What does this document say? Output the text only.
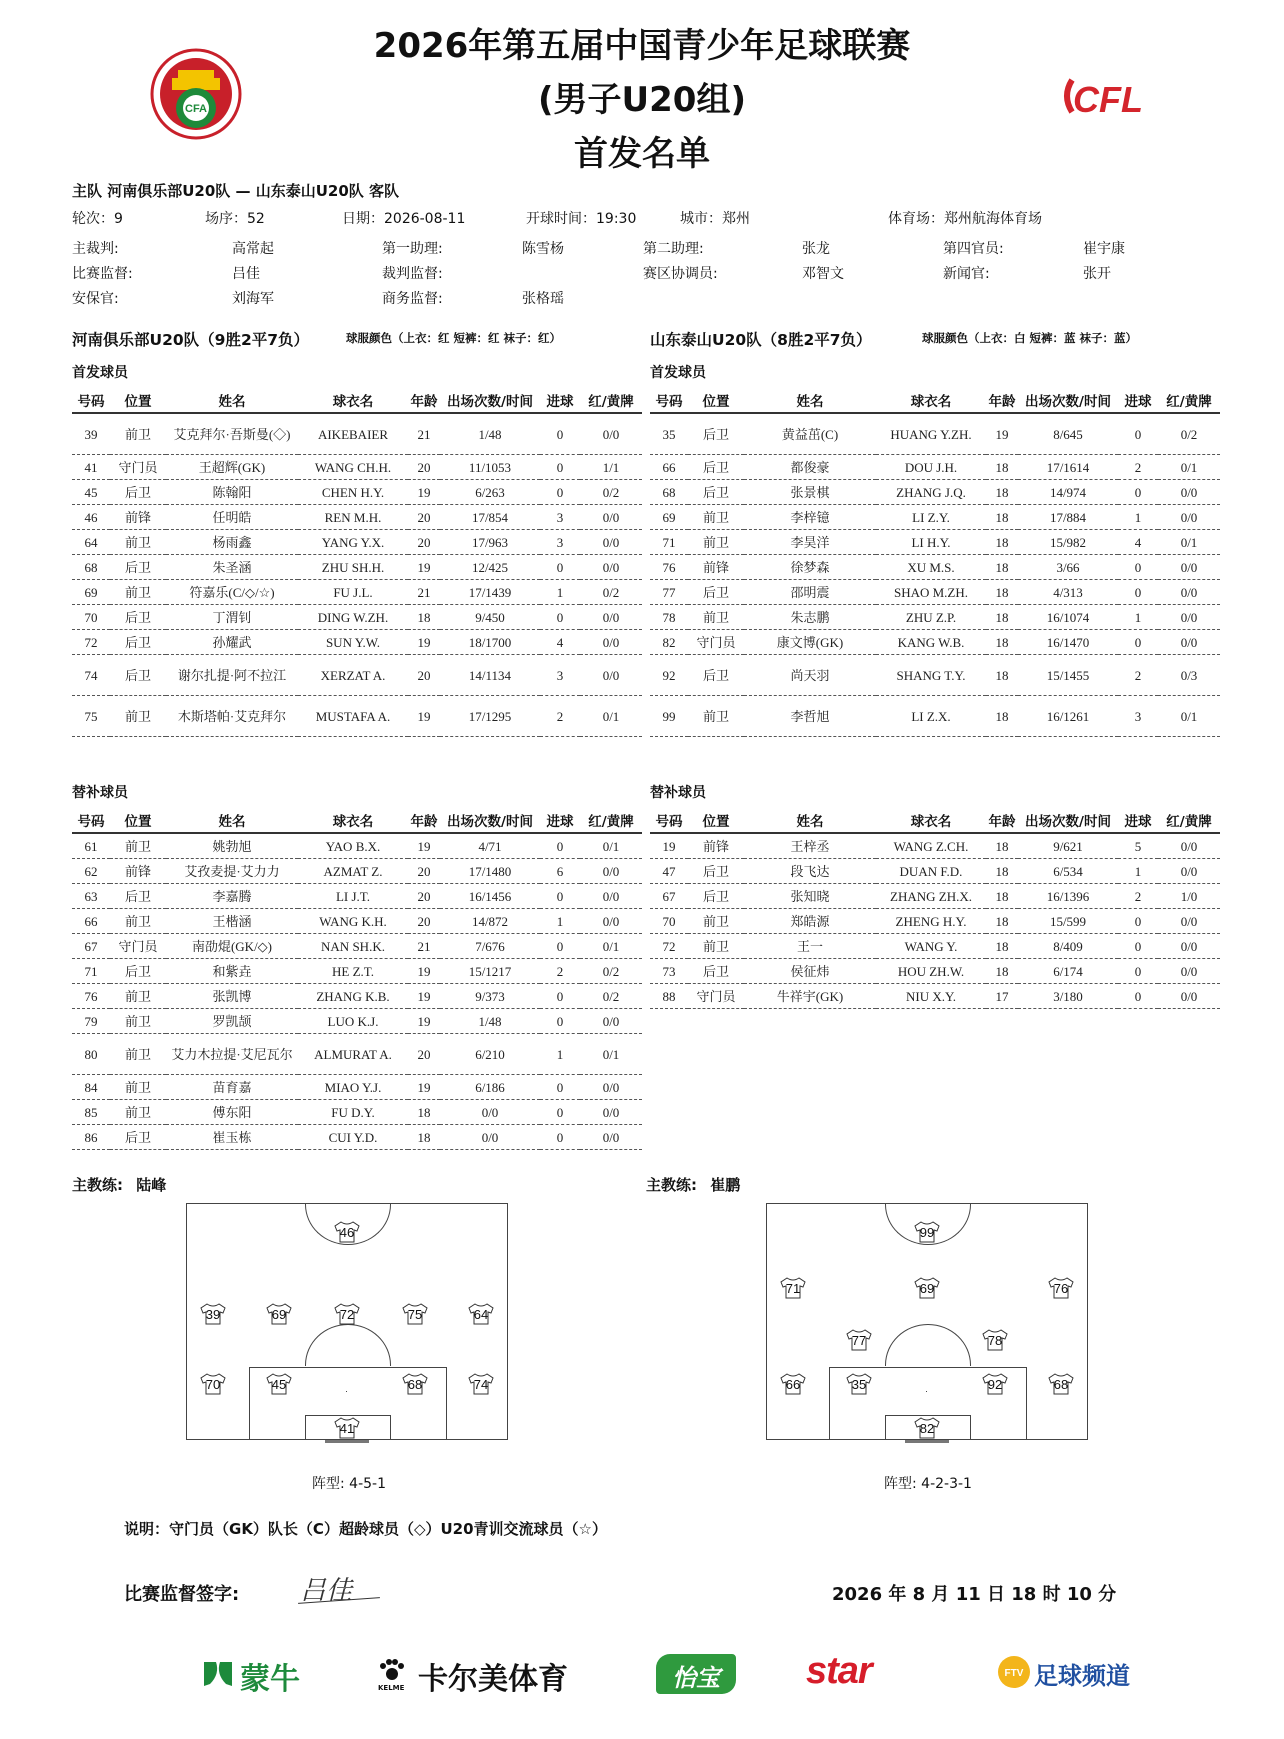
CFA	CFL
2026年第五届中国青少年足球联赛
(男子U20组)
首发名单
主队 河南俱乐部U20队 — 山东泰山U20队 客队
轮次：9	场序：52	日期：2026-08-11	开球时间：19:30	城市：郑州	体育场：郑州航海体育场
主裁判:	高常起	第一助理:	陈雪杨	第二助理:	张龙	第四官员:	崔宇康
比赛监督:	吕佳	裁判监督:	赛区协调员:	邓智文	新闻官:	张开
安保官:	刘海军	商务监督:	张格瑶
河南俱乐部U20队（9胜2平7负）	球服颜色（上衣：红 短裤：红 袜子：红）	山东泰山U20队（8胜2平7负）	球服颜色（上衣：白 短裤：蓝 袜子：蓝）
首发球员	首发球员
号码	位置	姓名	球衣名	年龄	出场次数/时间	进球	红/黄牌
39	前卫	艾克拜尔·吾斯曼(◇)	AIKEBAIER	21	1/48	0	0/0
41	守门员	王超辉(GK)	WANG CH.H.	20	11/1053	0	1/1
45	后卫	陈翰阳	CHEN H.Y.	19	6/263	0	0/2
46	前锋	任明皓	REN M.H.	20	17/854	3	0/0
64	前卫	杨雨鑫	YANG Y.X.	20	17/963	3	0/0
68	后卫	朱圣涵	ZHU SH.H.	19	12/425	0	0/0
69	前卫	符嘉乐(C/◇/☆)	FU J.L.	21	17/1439	1	0/2
70	后卫	丁渭钊	DING W.ZH.	18	9/450	0	0/0
72	后卫	孙耀武	SUN Y.W.	19	18/1700	4	0/0
74	后卫	谢尔扎提·阿不拉江	XERZAT A.	20	14/1134	3	0/0
75	前卫	木斯塔帕·艾克拜尔	MUSTAFA A.	19	17/1295	2	0/1
号码	位置	姓名	球衣名	年龄	出场次数/时间	进球	红/黄牌
35	后卫	黄益茁(C)	HUANG Y.ZH.	19	8/645	0	0/2
66	后卫	都俊豪	DOU J.H.	18	17/1614	2	0/1
68	后卫	张景棋	ZHANG J.Q.	18	14/974	0	0/0
69	前卫	李梓镱	LI Z.Y.	18	17/884	1	0/0
71	前卫	李昊洋	LI H.Y.	18	15/982	4	0/1
76	前锋	徐梦森	XU M.S.	18	3/66	0	0/0
77	后卫	邵明震	SHAO M.ZH.	18	4/313	0	0/0
78	前卫	朱志鹏	ZHU Z.P.	18	16/1074	1	0/0
82	守门员	康文博(GK)	KANG W.B.	18	16/1470	0	0/0
92	后卫	尚天羽	SHANG T.Y.	18	15/1455	2	0/3
99	前卫	李哲旭	LI Z.X.	18	16/1261	3	0/1
替补球员	替补球员
号码	位置	姓名	球衣名	年龄	出场次数/时间	进球	红/黄牌
61	前卫	姚勃旭	YAO B.X.	19	4/71	0	0/1
62	前锋	艾孜麦提·艾力力	AZMAT Z.	20	17/1480	6	0/0
63	后卫	李嘉腾	LI J.T.	20	16/1456	0	0/0
66	前卫	王楷涵	WANG K.H.	20	14/872	1	0/0
67	守门员	南劭焜(GK/◇)	NAN SH.K.	21	7/676	0	0/1
71	后卫	和紫垚	HE Z.T.	19	15/1217	2	0/2
76	前卫	张凯博	ZHANG K.B.	19	9/373	0	0/2
79	前卫	罗凯颉	LUO K.J.	19	1/48	0	0/0
80	前卫	艾力木拉提·艾尼瓦尔	ALMURAT A.	20	6/210	1	0/1
84	前卫	苗育嘉	MIAO Y.J.	19	6/186	0	0/0
85	前卫	傅东阳	FU D.Y.	18	0/0	0	0/0
86	后卫	崔玉栋	CUI Y.D.	18	0/0	0	0/0
号码	位置	姓名	球衣名	年龄	出场次数/时间	进球	红/黄牌
19	前锋	王梓丞	WANG Z.CH.	18	9/621	5	0/0
47	后卫	段飞达	DUAN F.D.	18	6/534	1	0/0
67	后卫	张知晓	ZHANG ZH.X.	18	16/1396	2	1/0
70	前卫	郑皓源	ZHENG H.Y.	18	15/599	0	0/0
72	前卫	王一	WANG Y.	18	8/409	0	0/0
73	后卫	侯征炜	HOU ZH.W.	18	6/174	0	0/0
88	守门员	牛祥宇(GK)	NIU X.Y.	17	3/180	0	0/0
主教练: 陆峰	主教练: 崔鹏
46
39	69	72	75	64
70	45	68	74
41
99
71	69	76
77	78
66	35	92	68
82
阵型: 4-5-1	阵型: 4-2-3-1
说明：守门员（GK）队长（C）超龄球员（◇）U20青训交流球员（☆）
比赛监督签字: 吕佳	2026 年 8 月 11 日 18 时 10 分
蒙牛	KELME 卡尔美体育	怡宝	star	FTV 足球频道
